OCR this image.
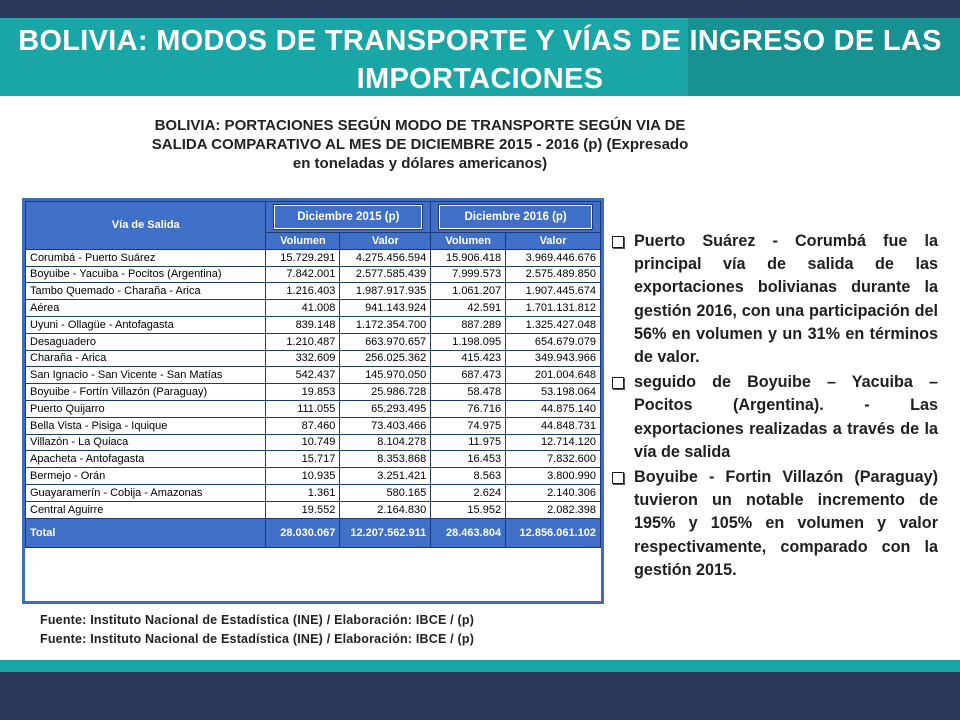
BOLIVIA: MODOS DE TRANSPORTE Y VÍAS DE INGRESO DE LAS IMPORTACIONES
BOLIVIA: PORTACIONES SEGÚN MODO DE TRANSPORTE SEGÚN VIA DE SALIDA COMPARATIVO AL MES DE DICIEMBRE 2015 - 2016 (p) (Expresado en toneladas y dólares americanos)
Vía de Salida	Diciembre 2015 (p)		Diciembre 2016 (p)	

	Volumen	Valor	Volumen	Valor
Corumbá - Puerto Suárez	15.729.291	4.275.456.594	15.906.418	3.969.446.676
Boyuibe - Yacuiba - Pocitos (Argentina)	7.842.001	2.577.585.439	7.999.573	2.575.489.850
Tambo Quemado - Charaña - Arica	1.216.403	1.987.917.935	1.061.207	1.907.445.674
Aérea	41.008	941.143.924	42.591	1.701.131.812
Uyuni - Ollagüe - Antofagasta	839.148	1.172.354.700	887.289	1.325.427.048
Desaguadero	1.210.487	663.970.657	1.198.095	654.679.079
Charaña - Arica	332.609	256.025.362	415.423	349.943.966
San Ignacio - San Vicente - San Matías	542.437	145.970.050	687.473	201.004.648
Boyuibe - Fortín Villazón (Paraguay)	19.853	25.986.728	58.478	53.198.064
Puerto Quijarro	111.055	65.293.495	76.716	44.875.140
Bella Vista - Pisiga - Iquique	87.460	73.403.466	74.975	44.848.731
Villazón - La Quiaca	10.749	8.104.278	11.975	12.714.120
Apacheta - Antofagasta	15.717	8.353.868	16.453	7.832.600
Bermejo - Orán	10.935	3.251.421	8.563	3.800.990
Guayaramerín - Cobija - Amazonas	1.361	580.165	2.624	2.140.306
Central Aguirre	19.552	2.164.830	15.952	2.082.398
Total	28.030.067	12.207.562.911	28.463.804	12.856.061.102
Fuente: Instituto Nacional de Estadística (INE) / Elaboración: IBCE / (p)
Fuente: Instituto Nacional de Estadística (INE) / Elaboración: IBCE / (p)
Puerto Suárez - Corumbá fue la principal vía de salida de las exportaciones bolivianas durante la gestión 2016, con una participación del 56% en volumen y un 31% en términos de valor.
seguido de Boyuibe – Yacuiba – Pocitos (Argentina). - Las exportaciones realizadas a través de la vía de salida
Boyuibe - Fortin Villazón (Paraguay) tuvieron un notable incremento de 195% y 105% en volumen y valor respectivamente, comparado con la gestión 2015.
